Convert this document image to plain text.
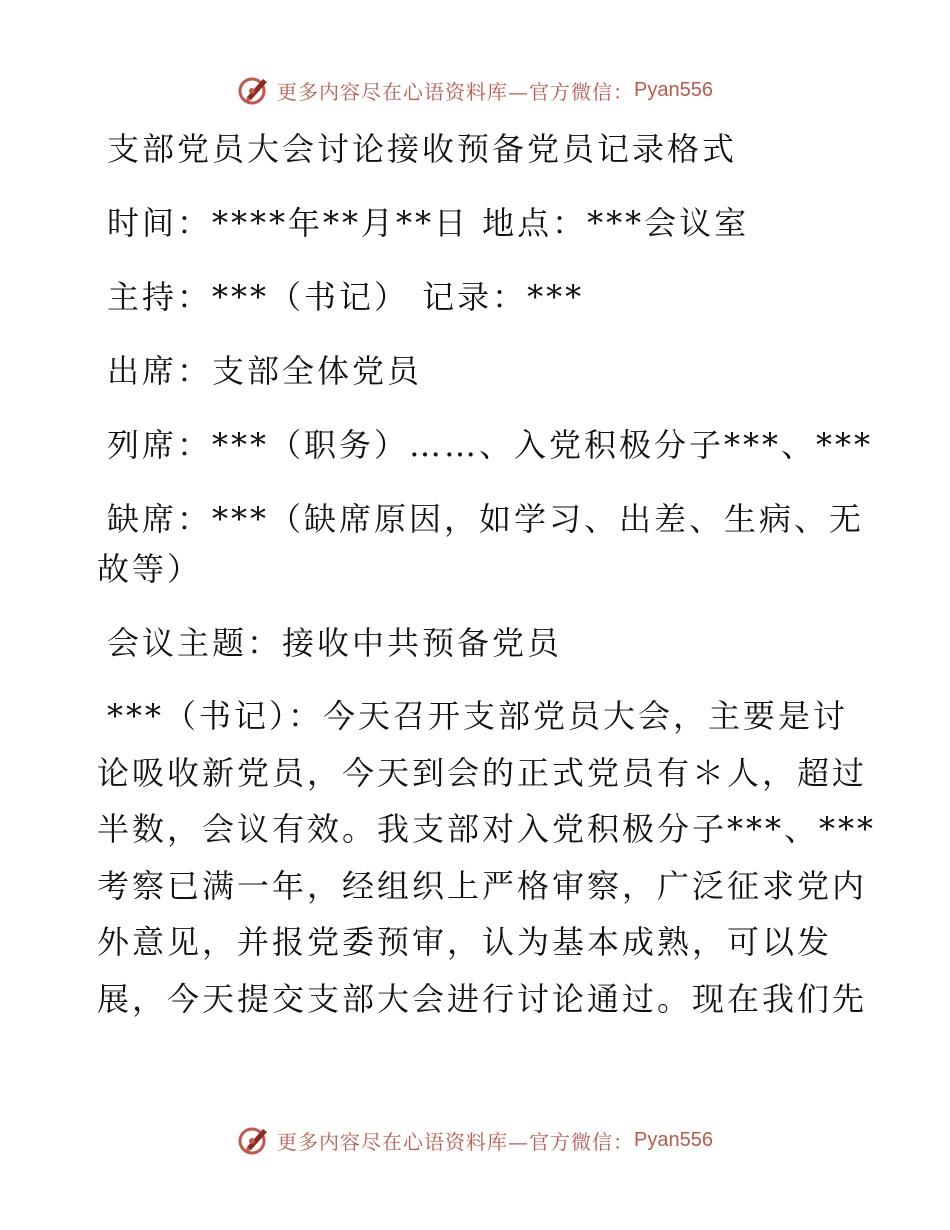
更多内容尽在心语资料库—官方微信： Pyan556
支部党员大会讨论接收预备党员记录格式
时间：****年**月**日 地点：***会议室
主持：***（书记） 记录：***
出席：支部全体党员
列席：***（职务）……、入党积极分子***、***
缺席：***（缺席原因，如学习、出差、生病、无
故等）
会议主题：接收中共预备党员
***（书记）：今天召开支部党员大会，主要是讨
论吸收新党员，今天到会的正式党员有＊人，超过
半数，会议有效。我支部对入党积极分子***、***
考察已满一年，经组织上严格审察，广泛征求党内
外意见，并报党委预审，认为基本成熟，可以发
展，今天提交支部大会进行讨论通过。现在我们先
更多内容尽在心语资料库—官方微信： Pyan556
